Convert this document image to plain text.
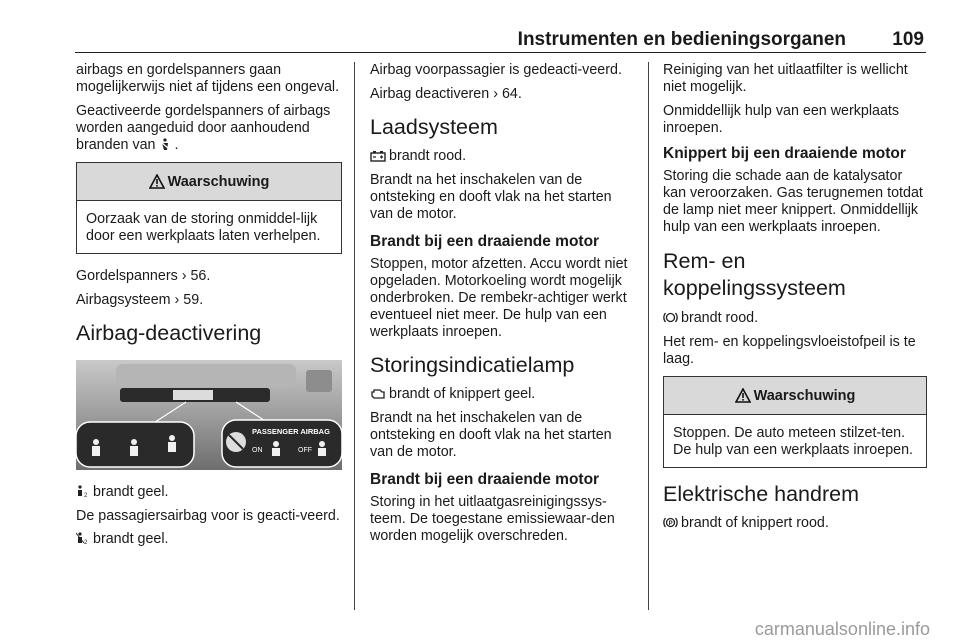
Instrumenten en bedieningsorganen 109

airbags en gordelspanners gaan mogelijkerwijs niet af tijdens een ongeval.

Geactiveerde gordelspanners of airbags worden aangeduid door aanhoudend branden van .

Waarschuwing
Oorzaak van de storing onmiddel-lijk door een werkplaats laten verhelpen.

Gordelspanners › 56.

Airbagsysteem › 59.

Airbag-deactivering
PASSENGER AIRBAG
ON	OFF

2 brandt geel.

De passagiersairbag voor is geacti-veerd.

2 brandt geel.

Airbag voorpassagier is gedeacti-veerd.

Airbag deactiveren › 64.

Laadsysteem

brandt rood.

Brandt na het inschakelen van de ontsteking en dooft vlak na het starten van de motor.

Brandt bij een draaiende motor

Stoppen, motor afzetten. Accu wordt niet opgeladen. Motorkoeling wordt mogelijk onderbroken. De rembekr-achtiger werkt eventueel niet meer. De hulp van een werkplaats inroepen.

Storingsindicatielamp

brandt of knippert geel.

Brandt na het inschakelen van de ontsteking en dooft vlak na het starten van de motor.

Brandt bij een draaiende motor

Storing in het uitlaatgasreinigingssys-teem. De toegestane emissiewaar-den worden mogelijk overschreden.

Reiniging van het uitlaatfilter is wellicht niet mogelijk.

Onmiddellijk hulp van een werkplaats inroepen.

Knippert bij een draaiende motor

Storing die schade aan de katalysator kan veroorzaken. Gas terugnemen totdat de lamp niet meer knippert. Onmiddellijk hulp van een werkplaats inroepen.

Rem- en koppelingssysteem

brandt rood.

Het rem- en koppelingsvloeistofpeil is te laag.

Waarschuwing
Stoppen. De auto meteen stilzet-ten. De hulp van een werkplaats inroepen.
Elektrische handrem

P brandt of knippert rood.

carmanualsonline.info
